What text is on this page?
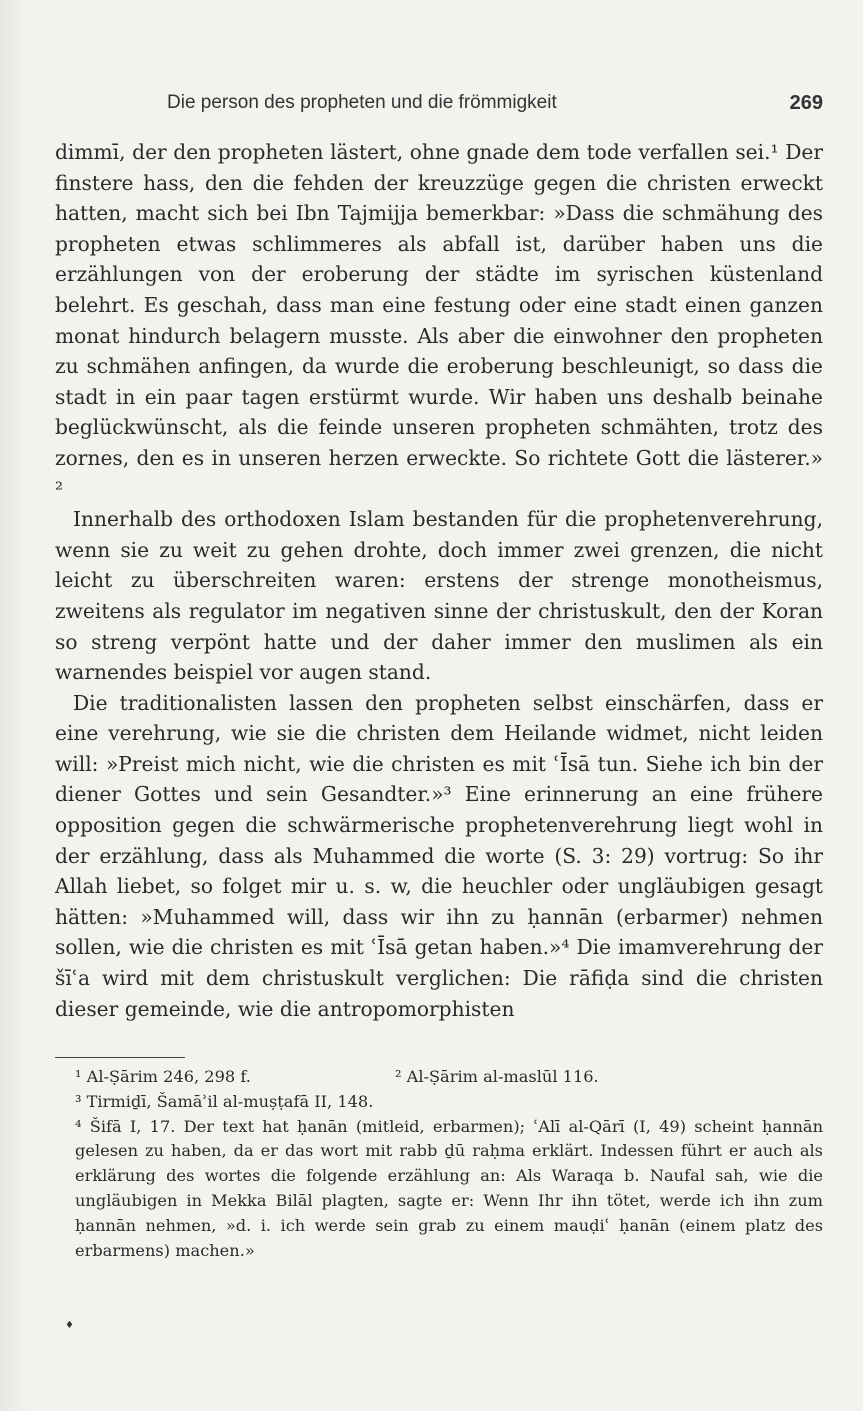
Die person des propheten und die frömmigkeit	269

dimmī, der den propheten lästert, ohne gnade dem tode verfallen sei.¹ Der finstere hass, den die fehden der kreuzzüge gegen die christen erweckt hatten, macht sich bei Ibn Tajmijja bemerkbar: »Dass die schmähung des propheten etwas schlimmeres als abfall ist, darüber haben uns die erzählungen von der eroberung der städte im syrischen küstenland belehrt. Es geschah, dass man eine festung oder eine stadt einen ganzen monat hindurch belagern musste. Als aber die einwohner den propheten zu schmähen anfingen, da wurde die eroberung beschleunigt, so dass die stadt in ein paar tagen erstürmt wurde. Wir haben uns deshalb beinahe beglückwünscht, als die feinde unseren propheten schmähten, trotz des zornes, den es in unseren herzen erweckte. So richtete Gott die lästerer.» ²

Innerhalb des orthodoxen Islam bestanden für die prophetenverehrung, wenn sie zu weit zu gehen drohte, doch immer zwei grenzen, die nicht leicht zu überschreiten waren: erstens der strenge monotheismus, zweitens als regulator im negativen sinne der christuskult, den der Koran so streng verpönt hatte und der daher immer den muslimen als ein warnendes beispiel vor augen stand.

Die traditionalisten lassen den propheten selbst einschärfen, dass er eine verehrung, wie sie die christen dem Heilande widmet, nicht leiden will: »Preist mich nicht, wie die christen es mit ʿĪsā tun. Siehe ich bin der diener Gottes und sein Gesandter.»³ Eine erinnerung an eine frühere opposition gegen die schwärmerische prophetenverehrung liegt wohl in der erzählung, dass als Muhammed die worte (S. 3: 29) vortrug: So ihr Allah liebet, so folget mir u. s. w, die heuchler oder ungläubigen gesagt hätten: »Muhammed will, dass wir ihn zu ḥannān (erbarmer) nehmen sollen, wie die christen es mit ʿĪsā getan haben.»⁴ Die imamverehrung der šīʿa wird mit dem christuskult verglichen: Die rāfiḍa sind die christen dieser gemeinde, wie die antropomorphisten

¹ Al-Ṣārim 246, 298 f.	² Al-Ṣārim al-maslūl 116.

³ Tirmiḏī, Šamāʾil al-muṣṭafā II, 148.

⁴ Šifā I, 17. Der text hat ḥanān (mitleid, erbarmen); ʿAlī al-Qārī (I, 49) scheint ḥannān gelesen zu haben, da er das wort mit rabb ḏū raḥma erklärt. Indessen führt er auch als erklärung des wortes die folgende erzählung an: Als Waraqa b. Naufal sah, wie die ungläubigen in Mekka Bilāl plagten, sagte er: Wenn Ihr ihn tötet, werde ich ihn zum ḥannān nehmen, »d. i. ich werde sein grab zu einem mauḍiʿ ḥanān (einem platz des erbarmens) machen.»

♦
